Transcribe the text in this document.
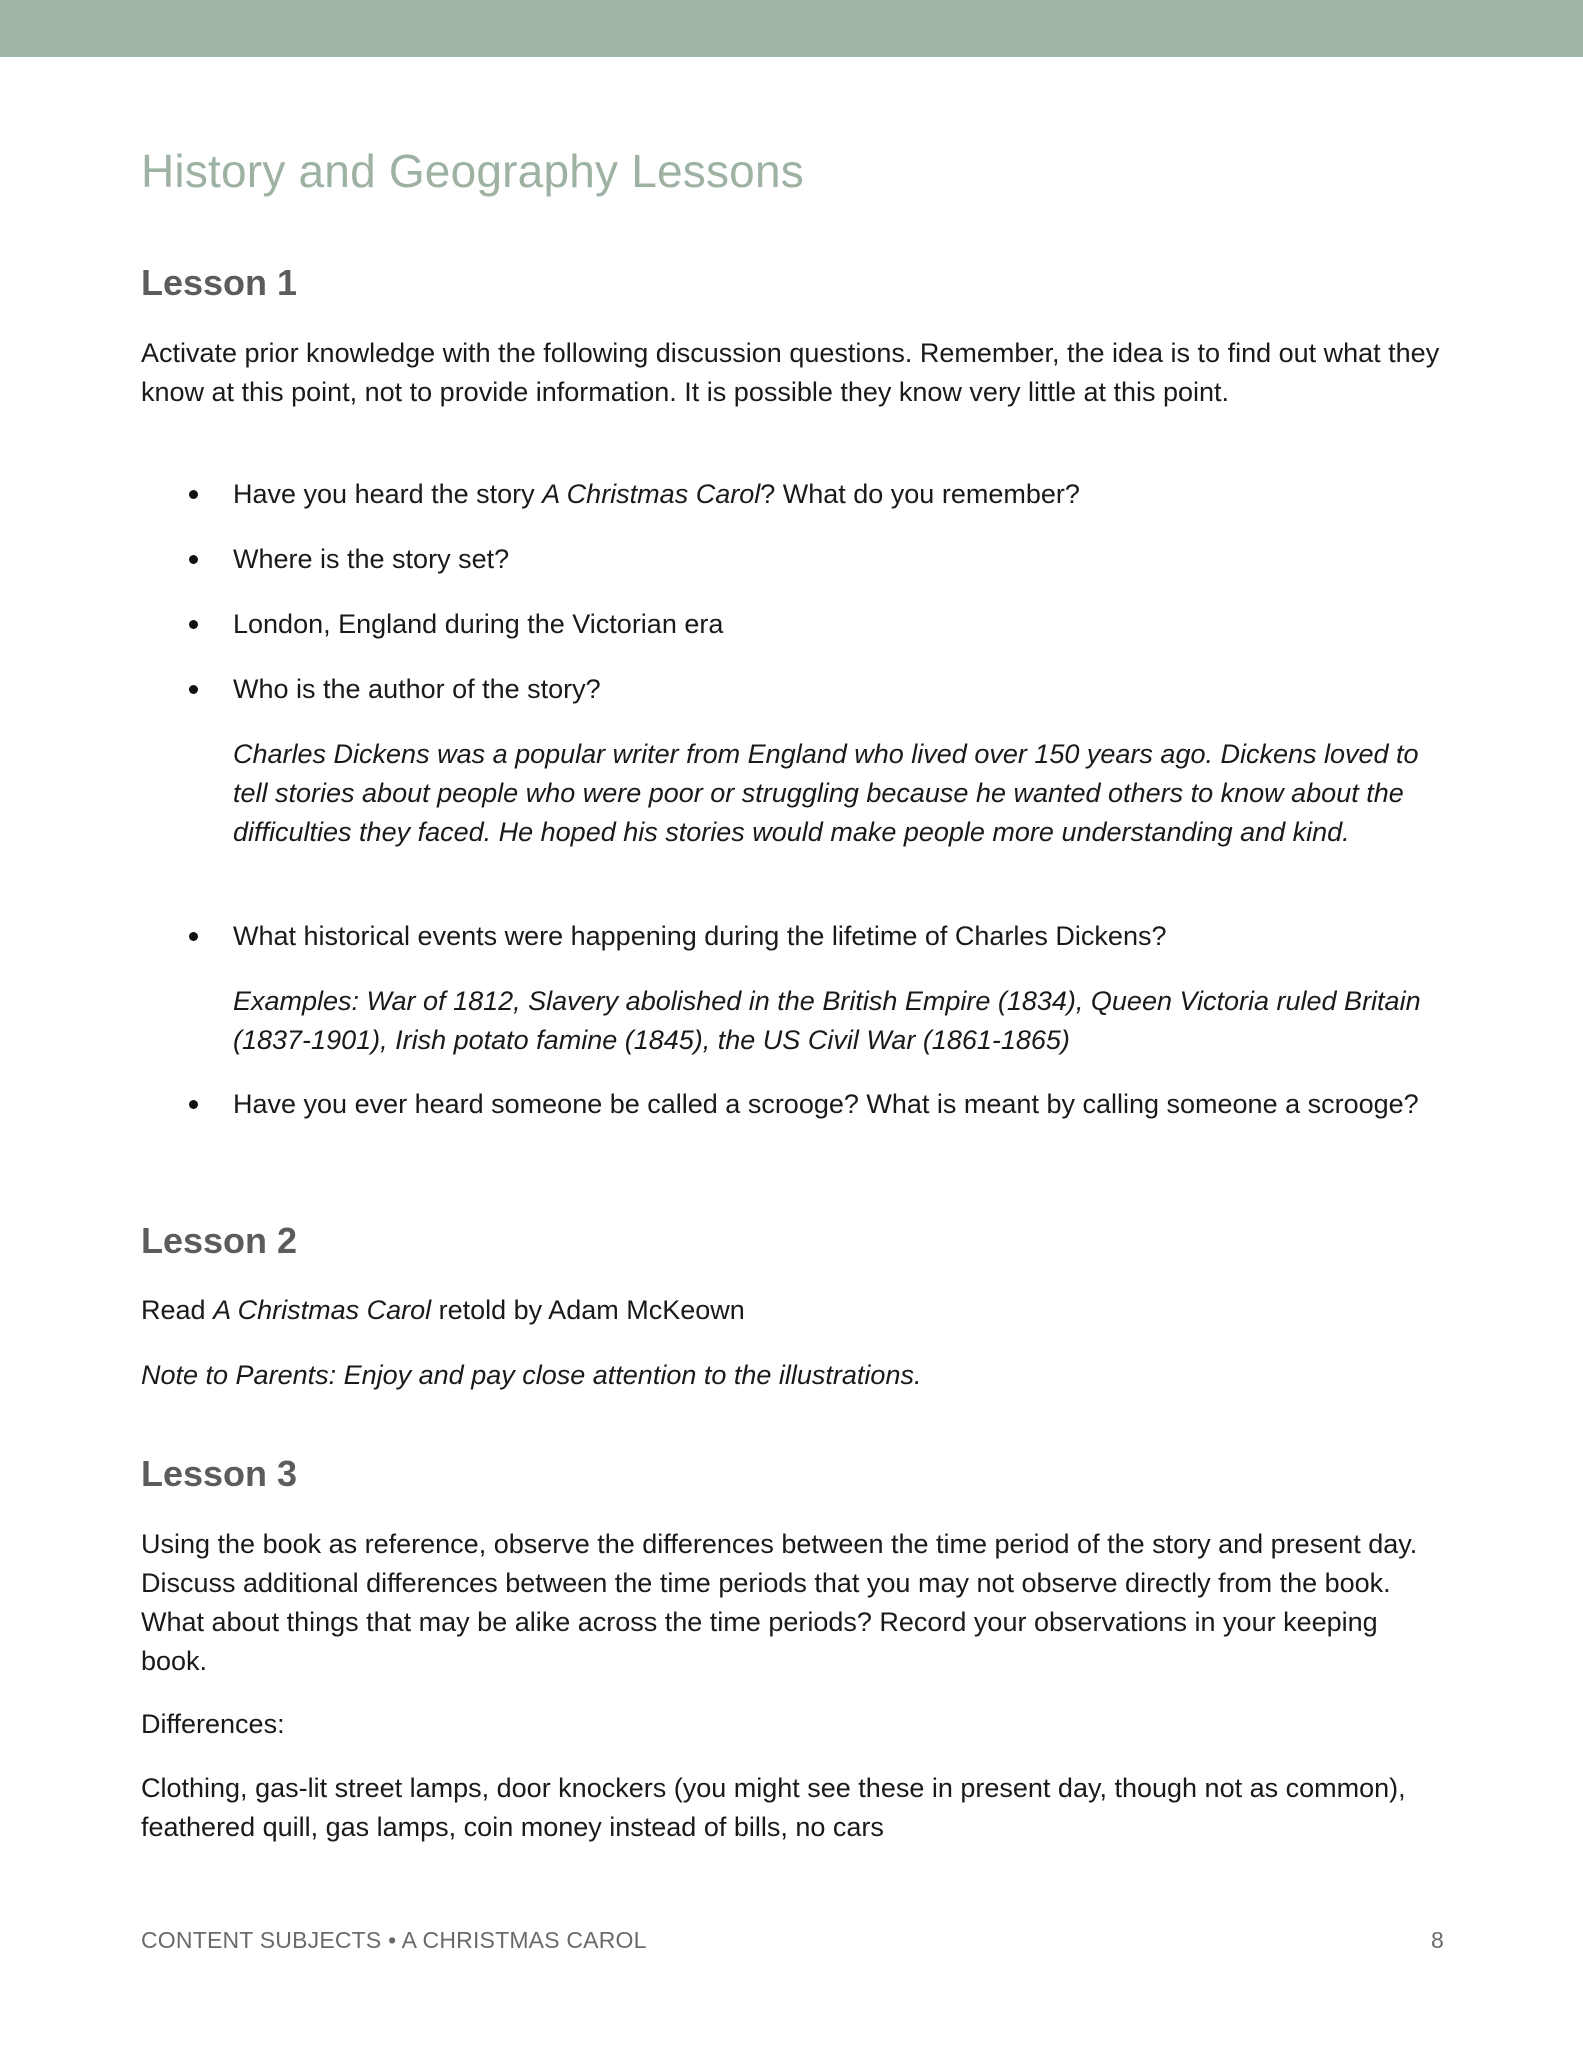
History and Geography Lessons
Lesson 1
Activate prior knowledge with the following discussion questions. Remember, the idea is to find out what they know at this point, not to provide information. It is possible they know very little at this point.
Have you heard the story A Christmas Carol? What do you remember?
Where is the story set?
London, England during the Victorian era
Who is the author of the story?
Charles Dickens was a popular writer from England who lived over 150 years ago. Dickens loved to tell stories about people who were poor or struggling because he wanted others to know about the difficulties they faced. He hoped his stories would make people more understanding and kind.
What historical events were happening during the lifetime of Charles Dickens?
Examples: War of 1812, Slavery abolished in the British Empire (1834), Queen Victoria ruled Britain (1837-1901), Irish potato famine (1845), the US Civil War (1861-1865)
Have you ever heard someone be called a scrooge? What is meant by calling someone a scrooge?
Lesson 2
Read A Christmas Carol retold by Adam McKeown
Note to Parents: Enjoy and pay close attention to the illustrations.
Lesson 3
Using the book as reference, observe the differences between the time period of the story and present day. Discuss additional differences between the time periods that you may not observe directly from the book. What about things that may be alike across the time periods? Record your observations in your keeping book.
Differences:
Clothing, gas-lit street lamps, door knockers (you might see these in present day, though not as common), feathered quill, gas lamps, coin money instead of bills, no cars
CONTENT SUBJECTS • A CHRISTMAS CAROL	8
